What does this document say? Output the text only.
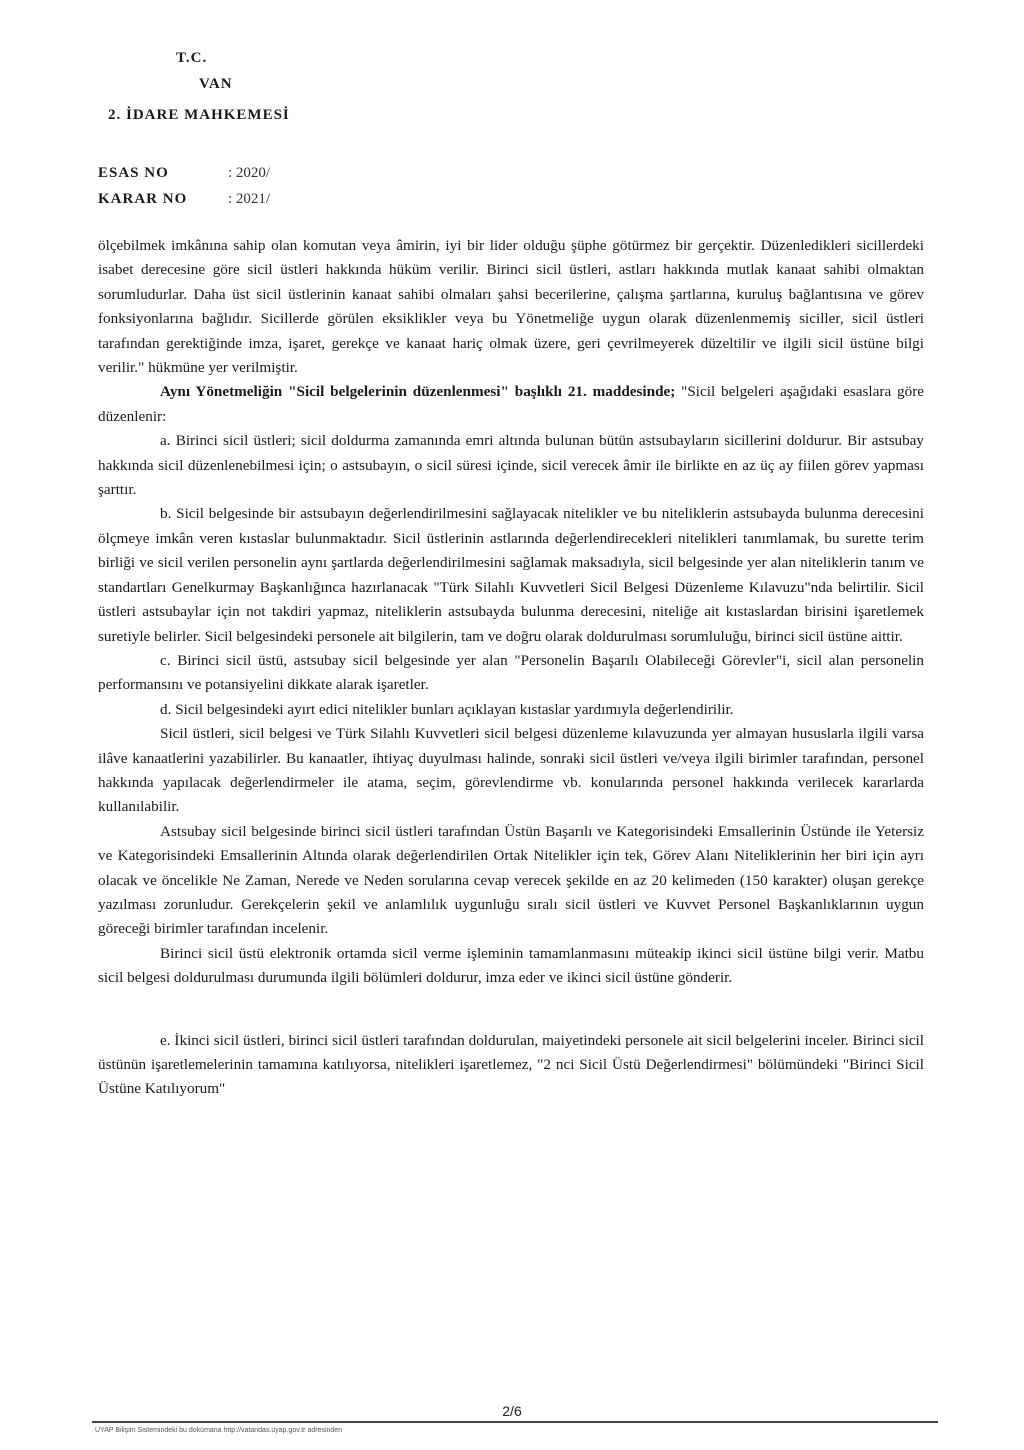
T.C.
VAN
2. İDARE MAHKEMESİ
ESAS NO	: 2020/
KARAR NO	: 2021/

ölçebilmek imkânına sahip olan komutan veya âmirin, iyi bir lider olduğu şüphe götürmez bir gerçektir. Düzenledikleri sicillerdeki isabet derecesine göre sicil üstleri hakkında hüküm verilir. Birinci sicil üstleri, astları hakkında mutlak kanaat sahibi olmaktan sorumludurlar. Daha üst sicil üstlerinin kanaat sahibi olmaları şahsi becerilerine, çalışma şartlarına, kuruluş bağlantısına ve görev fonksiyonlarına bağlıdır. Sicillerde görülen eksiklikler veya bu Yönetmeliğe uygun olarak düzenlenmemiş siciller, sicil üstleri tarafından gerektiğinde imza, işaret, gerekçe ve kanaat hariç olmak üzere, geri çevrilmeyerek düzeltilir ve ilgili sicil üstüne bilgi verilir." hükmüne yer verilmiştir.

Aynı Yönetmeliğin "Sicil belgelerinin düzenlenmesi" başlıklı 21. maddesinde; "Sicil belgeleri aşağıdaki esaslara göre düzenlenir:

a. Birinci sicil üstleri; sicil doldurma zamanında emri altında bulunan bütün astsubayların sicillerini doldurur. Bir astsubay hakkında sicil düzenlenebilmesi için; o astsubayın, o sicil süresi içinde, sicil verecek âmir ile birlikte en az üç ay fiilen görev yapması şarttır.

b. Sicil belgesinde bir astsubayın değerlendirilmesini sağlayacak nitelikler ve bu niteliklerin astsubayda bulunma derecesini ölçmeye imkân veren kıstaslar bulunmaktadır. Sicil üstlerinin astlarında değerlendirecekleri nitelikleri tanımlamak, bu surette terim birliği ve sicil verilen personelin aynı şartlarda değerlendirilmesini sağlamak maksadıyla, sicil belgesinde yer alan niteliklerin tanım ve standartları Genelkurmay Başkanlığınca hazırlanacak "Türk Silahlı Kuvvetleri Sicil Belgesi Düzenleme Kılavuzu"nda belirtilir. Sicil üstleri astsubaylar için not takdiri yapmaz, niteliklerin astsubayda bulunma derecesini, niteliğe ait kıstaslardan birisini işaretlemek suretiyle belirler. Sicil belgesindeki personele ait bilgilerin, tam ve doğru olarak doldurulması sorumluluğu, birinci sicil üstüne aittir.

c. Birinci sicil üstü, astsubay sicil belgesinde yer alan "Personelin Başarılı Olabileceği Görevler"i, sicil alan personelin performansını ve potansiyelini dikkate alarak işaretler.

d. Sicil belgesindeki ayırt edici nitelikler bunları açıklayan kıstaslar yardımıyla değerlendirilir.

Sicil üstleri, sicil belgesi ve Türk Silahlı Kuvvetleri sicil belgesi düzenleme kılavuzunda yer almayan hususlarla ilgili varsa ilâve kanaatlerini yazabilirler. Bu kanaatler, ihtiyaç duyulması halinde, sonraki sicil üstleri ve/veya ilgili birimler tarafından, personel hakkında yapılacak değerlendirmeler ile atama, seçim, görevlendirme vb. konularında personel hakkında verilecek kararlarda kullanılabilir.

Astsubay sicil belgesinde birinci sicil üstleri tarafından Üstün Başarılı ve Kategorisindeki Emsallerinin Üstünde ile Yetersiz ve Kategorisindeki Emsallerinin Altında olarak değerlendirilen Ortak Nitelikler için tek, Görev Alanı Niteliklerinin her biri için ayrı olacak ve öncelikle Ne Zaman, Nerede ve Neden sorularına cevap verecek şekilde en az 20 kelimeden (150 karakter) oluşan gerekçe yazılması zorunludur. Gerekçelerin şekil ve anlamlılık uygunluğu sıralı sicil üstleri ve Kuvvet Personel Başkanlıklarının uygun göreceği birimler tarafından incelenir.

Birinci sicil üstü elektronik ortamda sicil verme işleminin tamamlanmasını müteakip ikinci sicil üstüne bilgi verir. Matbu sicil belgesi doldurulması durumunda ilgili bölümleri doldurur, imza eder ve ikinci sicil üstüne gönderir.

e. İkinci sicil üstleri, birinci sicil üstleri tarafından doldurulan, maiyetindeki personele ait sicil belgelerini inceler. Birinci sicil üstünün işaretlemelerinin tamamına katılıyorsa, nitelikleri işaretlemez, "2 nci Sicil Üstü Değerlendirmesi" bölümündeki "Birinci Sicil Üstüne Katılıyorum"

2/6
UYAP Bilişim Sistemindeki bu dokümana http://vatandas.uyap.gov.tr adresinden
